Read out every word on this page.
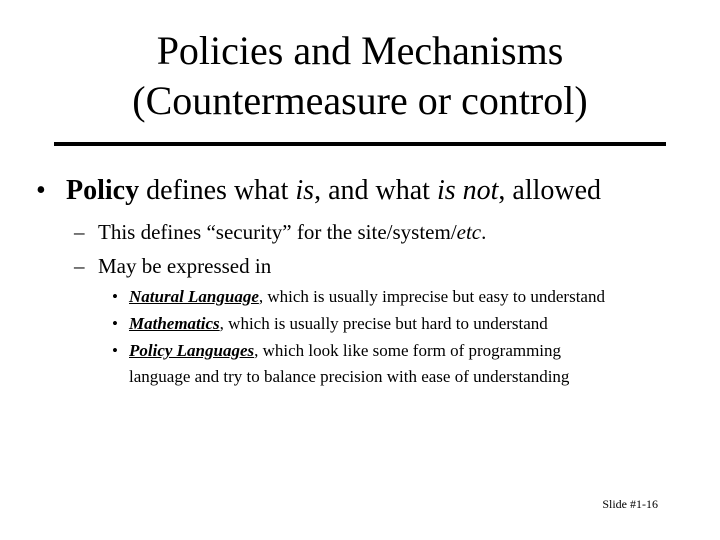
Policies and Mechanisms
(Countermeasure or control)
• Policy defines what is, and what is not, allowed
– This defines “security” for the site/system/etc.
– May be expressed in
• Natural Language, which is usually imprecise but easy to understand
• Mathematics, which is usually precise but hard to understand
• Policy Languages, which look like some form of programming
language and try to balance precision with ease of understanding
Slide #1-16
